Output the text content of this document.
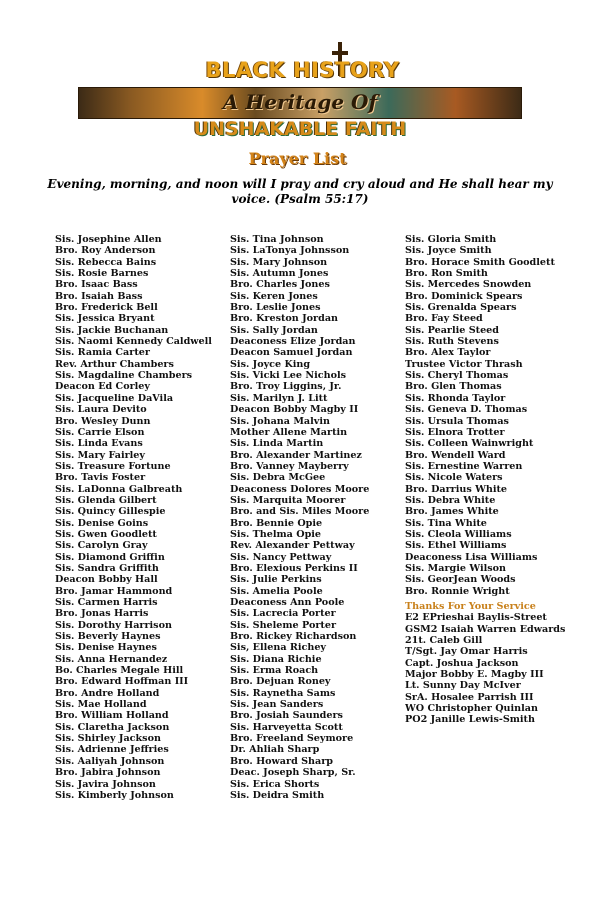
BLACK HISTORY
A Heritage Of
UNSHAKABLE FAITH
Prayer List
Evening, morning, and noon will I pray and cry aloud and He shall hear my voice. (Psalm 55:17)
Sis. Josephine Allen
Bro. Roy Anderson
Sis. Rebecca Bains
Sis. Rosie Barnes
Bro. Isaac Bass
Bro. Isaiah Bass
Bro. Frederick Bell
Sis. Jessica Bryant
Sis. Jackie Buchanan
Sis. Naomi Kennedy Caldwell
Sis. Ramia Carter
Rev. Arthur Chambers
Sis. Magdaline Chambers
Deacon Ed Corley
Sis. Jacqueline DaVila
Sis. Laura Devito
Bro. Wesley Dunn
Sis. Carrie Elson
Sis. Linda Evans
Sis. Mary Fairley
Sis. Treasure Fortune
Bro. Tavis Foster
Sis. LaDonna Galbreath
Sis. Glenda Gilbert
Sis. Quincy Gillespie
Sis. Denise Goins
Sis. Gwen Goodlett
Sis. Carolyn Gray
Sis. Diamond Griffin
Sis. Sandra Griffith
Deacon Bobby Hall
Bro. Jamar Hammond
Sis. Carmen Harris
Bro. Jonas Harris
Sis. Dorothy Harrison
Sis. Beverly Haynes
Sis. Denise Haynes
Sis. Anna Hernandez
Bo. Charles Megale Hill
Bro. Edward Hoffman III
Bro. Andre Holland
Sis. Mae Holland
Bro. William Holland
Sis. Claretha Jackson
Sis. Shirley Jackson
Sis. Adrienne Jeffries
Sis. Aaliyah Johnson
Bro. Jabira Johnson
Sis. Javira Johnson
Sis. Kimberly Johnson
Sis. Tina Johnson
Sis. LaTonya Johnsson
Sis. Mary Johnson
Sis. Autumn Jones
Bro. Charles Jones
Sis. Keren Jones
Bro. Leslie Jones
Bro. Kreston Jordan
Sis. Sally Jordan
Deaconess Elize Jordan
Deacon Samuel Jordan
Sis. Joyce King
Sis. Vicki Lee Nichols
Bro. Troy Liggins, Jr.
Sis. Marilyn J. Litt
Deacon Bobby Magby II
Sis. Johana Malvin
Mother Allene Martin
Sis. Linda Martin
Bro. Alexander Martinez
Bro. Vanney Mayberry
Sis. Debra McGee
Deaconess Dolores Moore
Sis. Marquita Moorer
Bro. and Sis. Miles Moore
Bro. Bennie Opie
Sis. Thelma Opie
Rev. Alexander Pettway
Sis. Nancy Pettway
Bro. Elexious Perkins II
Sis. Julie Perkins
Sis. Amelia Poole
Deaconess Ann Poole
Sis. Lacrecia Porter
Sis. Sheleme Porter
Bro. Rickey Richardson
Sis, Ellena Richey
Sis. Diana Richie
Sis. Erma Roach
Bro. Dejuan Roney
Sis. Raynetha Sams
Sis. Jean Sanders
Bro. Josiah Saunders
Sis. Harveyetta Scott
Bro. Freeland Seymore
Dr. Ahliah Sharp
Bro. Howard Sharp
Deac. Joseph Sharp, Sr.
Sis. Erica Shorts
Sis. Deidra Smith
Sis. Gloria Smith
Sis. Joyce Smith
Bro. Horace Smith Goodlett
Bro. Ron Smith
Sis. Mercedes Snowden
Bro. Dominick Spears
Sis. Grenalda Spears
Bro. Fay Steed
Sis. Pearlie Steed
Sis. Ruth Stevens
Bro. Alex Taylor
Trustee Victor Thrash
Sis. Cheryl Thomas
Bro. Glen Thomas
Sis. Rhonda Taylor
Sis. Geneva D. Thomas
Sis. Ursula Thomas
Sis. Elnora Trotter
Sis. Colleen Wainwright
Bro. Wendell Ward
Sis. Ernestine Warren
Sis. Nicole Waters
Bro. Darrius White
Sis. Debra White
Bro. James White
Sis. Tina White
Sis. Cleola Williams
Sis. Ethel Williams
Deaconess Lisa Williams
Sis. Margie Wilson
Sis. GeorJean Woods
Bro. Ronnie Wright
Thanks For Your Service
E2 EPrieshai Baylis-Street
GSM2 Isaiah Warren Edwards
21t. Caleb Gill
T/Sgt. Jay Omar Harris
Capt. Joshua Jackson
Major Bobby E. Magby III
Lt. Sunny Day McIver
SrA. Hosalee Parrish III
WO Christopher Quinlan
PO2 Janille Lewis-Smith
